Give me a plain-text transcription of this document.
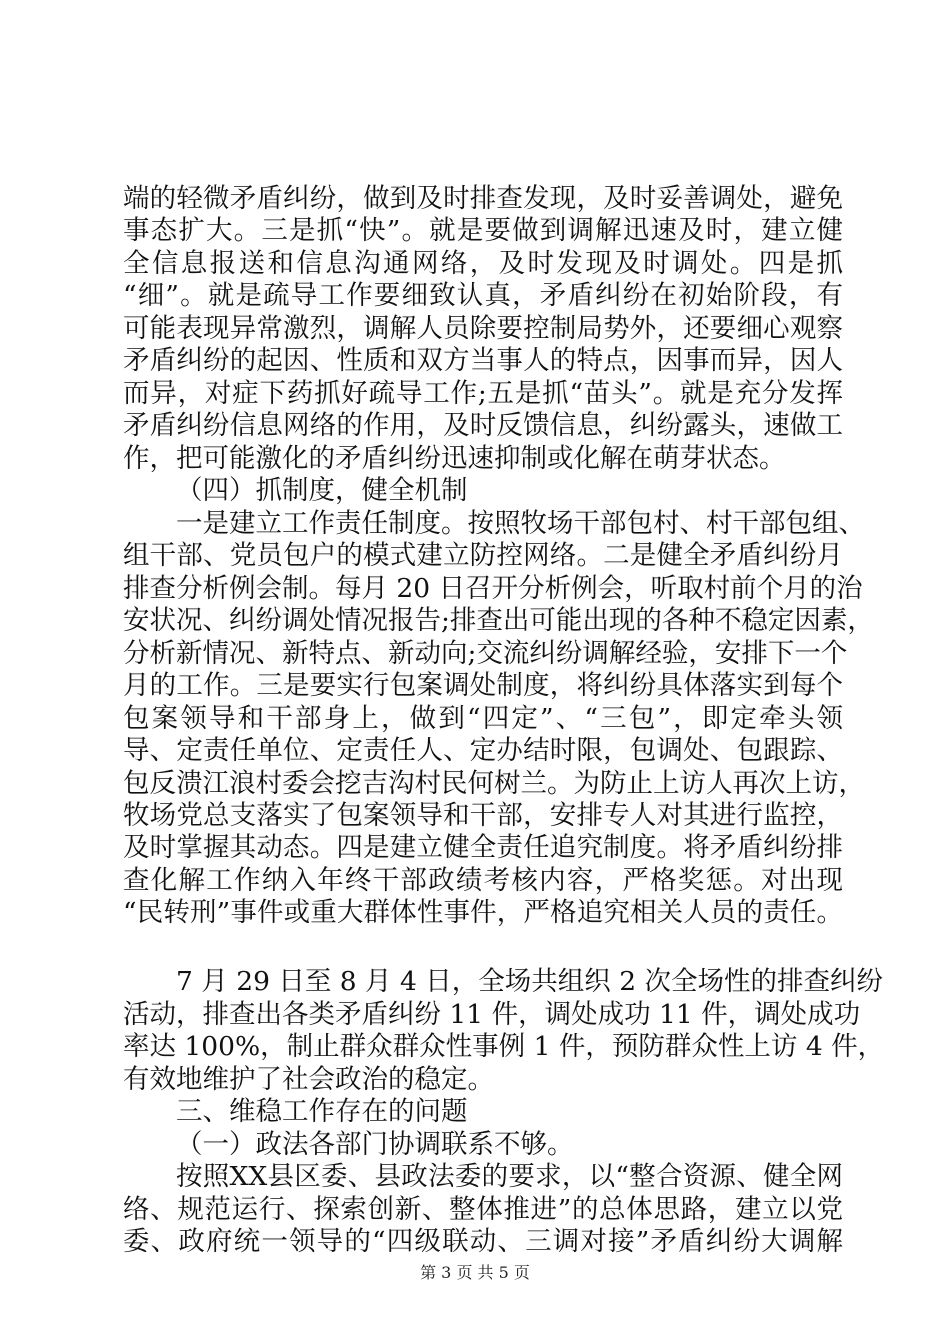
端的轻微矛盾纠纷，做到及时排查发现，及时妥善调处，避免
事态扩大。三是抓“快”。就是要做到调解迅速及时，建立健
全信息报送和信息沟通网络，及时发现及时调处。四是抓
“细”。就是疏导工作要细致认真，矛盾纠纷在初始阶段，有
可能表现异常激烈，调解人员除要控制局势外，还要细心观察
矛盾纠纷的起因、性质和双方当事人的特点，因事而异，因人
而异，对症下药抓好疏导工作;五是抓“苗头”。就是充分发挥
矛盾纠纷信息网络的作用，及时反馈信息，纠纷露头，速做工
作，把可能激化的矛盾纠纷迅速抑制或化解在萌芽状态。
（四）抓制度，健全机制
一是建立工作责任制度。按照牧场干部包村、村干部包组、
组干部、党员包户的模式建立防控网络。二是健全矛盾纠纷月
排查分析例会制。每月 20 日召开分析例会，听取村前个月的治
安状况、纠纷调处情况报告;排查出可能出现的各种不稳定因素，
分析新情况、新特点、新动向;交流纠纷调解经验，安排下一个
月的工作。三是要实行包案调处制度，将纠纷具体落实到每个
包案领导和干部身上，做到“四定”、“三包”，即定牵头领
导、定责任单位、定责任人、定办结时限，包调处、包跟踪、
包反溃江浪村委会挖吉沟村民何树兰。为防止上访人再次上访，
牧场党总支落实了包案领导和干部，安排专人对其进行监控，
及时掌握其动态。四是建立健全责任追究制度。将矛盾纠纷排
查化解工作纳入年终干部政绩考核内容，严格奖惩。对出现
“民转刑”事件或重大群体性事件，严格追究相关人员的责任。
7 月 29 日至 8 月 4 日，全场共组织 2 次全场性的排查纠纷
活动，排查出各类矛盾纠纷 11 件，调处成功 11 件，调处成功
率达 100%，制止群众群众性事例 1 件，预防群众性上访 4 件，
有效地维护了社会政治的稳定。
三、维稳工作存在的问题
（一）政法各部门协调联系不够。
按照XX县区委、县政法委的要求，以“整合资源、健全网
络、规范运行、探索创新、整体推进”的总体思路，建立以党
委、政府统一领导的“四级联动、三调对接”矛盾纠纷大调解
第 3 页 共 5 页
